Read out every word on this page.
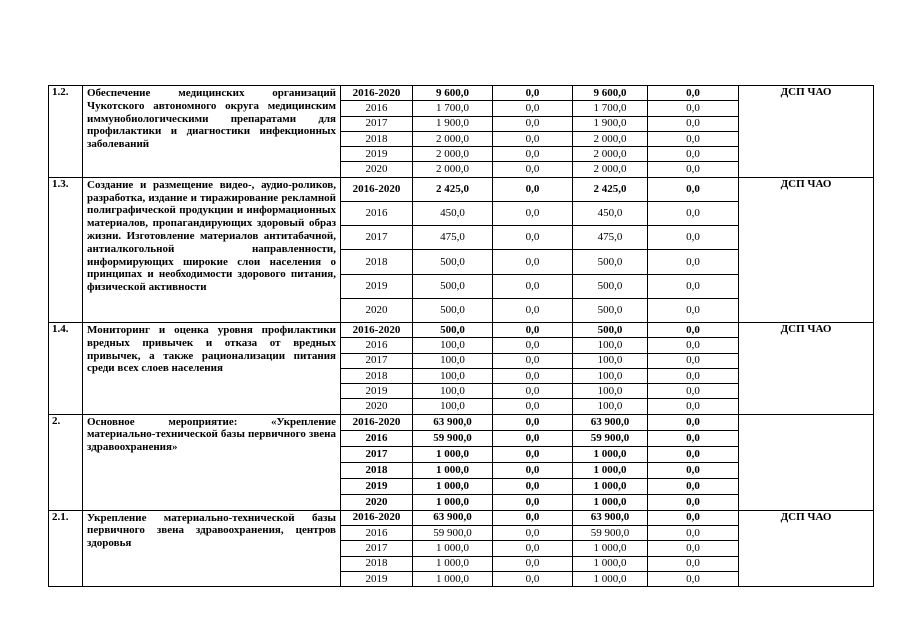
1.2.	Обеспечение медицинских организаций Чукотского автономного округа медицинским иммунобиологическими препаратами для профилактики и диагностики инфекционных заболеваний	2016-2020	9 600,0	0,0	9 600,0	0,0	ДСП ЧАО
		2016	1 700,0	0,0	1 700,0	0,0	
		2017	1 900,0	0,0	1 900,0	0,0	
		2018	2 000,0	0,0	2 000,0	0,0	
		2019	2 000,0	0,0	2 000,0	0,0	
		2020	2 000,0	0,0	2 000,0	0,0	
1.3.	Создание и размещение видео-, аудио-роликов, разработка, издание и тиражирование рекламной полиграфической продукции и информационных материалов, пропагандирующих здоровый образ жизни. Изготовление материалов антитабачной, антиалкогольной направленности, информирующих широкие слои населения о принципах и необходимости здорового питания, физической активности	2016-2020	2 425,0	0,0	2 425,0	0,0	ДСП ЧАО
		2016	450,0	0,0	450,0	0,0	
		2017	475,0	0,0	475,0	0,0	
		2018	500,0	0,0	500,0	0,0	
		2019	500,0	0,0	500,0	0,0	
		2020	500,0	0,0	500,0	0,0	
1.4.	Мониторинг и оценка уровня профилактики вредных привычек и отказа от вредных привычек, а также рационализации питания среди всех слоев населения	2016-2020	500,0	0,0	500,0	0,0	ДСП ЧАО
		2016	100,0	0,0	100,0	0,0	
		2017	100,0	0,0	100,0	0,0	
		2018	100,0	0,0	100,0	0,0	
		2019	100,0	0,0	100,0	0,0	
		2020	100,0	0,0	100,0	0,0	
2.	Основное мероприятие: «Укрепление материально-технической базы первичного звена здравоохранения»	2016-2020	63 900,0	0,0	63 900,0	0,0	
		2016	59 900,0	0,0	59 900,0	0,0	
		2017	1 000,0	0,0	1 000,0	0,0	
		2018	1 000,0	0,0	1 000,0	0,0	
		2019	1 000,0	0,0	1 000,0	0,0	
		2020	1 000,0	0,0	1 000,0	0,0	
2.1.	Укрепление материально-технической базы первичного звена здравоохранения, центров здоровья	2016-2020	63 900,0	0,0	63 900,0	0,0	ДСП ЧАО
		2016	59 900,0	0,0	59 900,0	0,0	
		2017	1 000,0	0,0	1 000,0	0,0	
		2018	1 000,0	0,0	1 000,0	0,0	
		2019	1 000,0	0,0	1 000,0	0,0	
